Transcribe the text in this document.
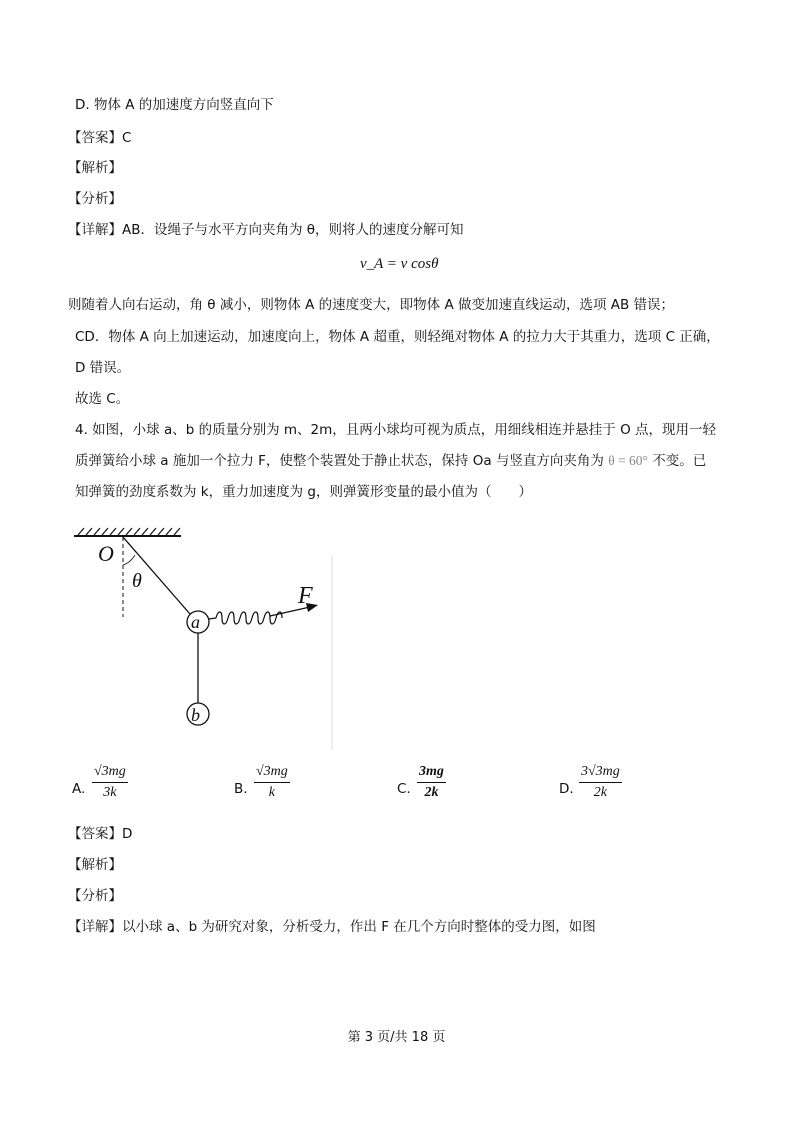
D. 物体 A 的加速度方向竖直向下
【答案】C
【解析】
【分析】
【详解】AB．设绳子与水平方向夹角为 θ，则将人的速度分解可知
v_A = v cosθ
则随着人向右运动，角 θ 减小，则物体 A 的速度变大，即物体 A 做变加速直线运动，选项 AB 错误；
CD．物体 A 向上加速运动，加速度向上，物体 A 超重，则轻绳对物体 A 的拉力大于其重力，选项 C 正确，
D 错误。
故选 C。
4. 如图，小球 a、b 的质量分别为 m、2m，且两小球均可视为质点，用细线相连并悬挂于 O 点，现用一轻
质弹簧给小球 a 施加一个拉力 F，使整个装置处于静止状态，保持 Oa 与竖直方向夹角为 θ = 60° 不变。已
知弹簧的劲度系数为 k，重力加速度为 g，则弹簧形变量的最小值为（　　）
O
θ
a
F
b
A. $\frac{√3mg}{3k}$	B. $\frac{√3mg}{k}$	C. $\frac{3mg}{2k}$	D. $\frac{3√3mg}{2k}$
【答案】D
【解析】
【分析】
【详解】以小球 a、b 为研究对象，分析受力，作出 F 在几个方向时整体的受力图，如图
第 3 页/共 18 页
